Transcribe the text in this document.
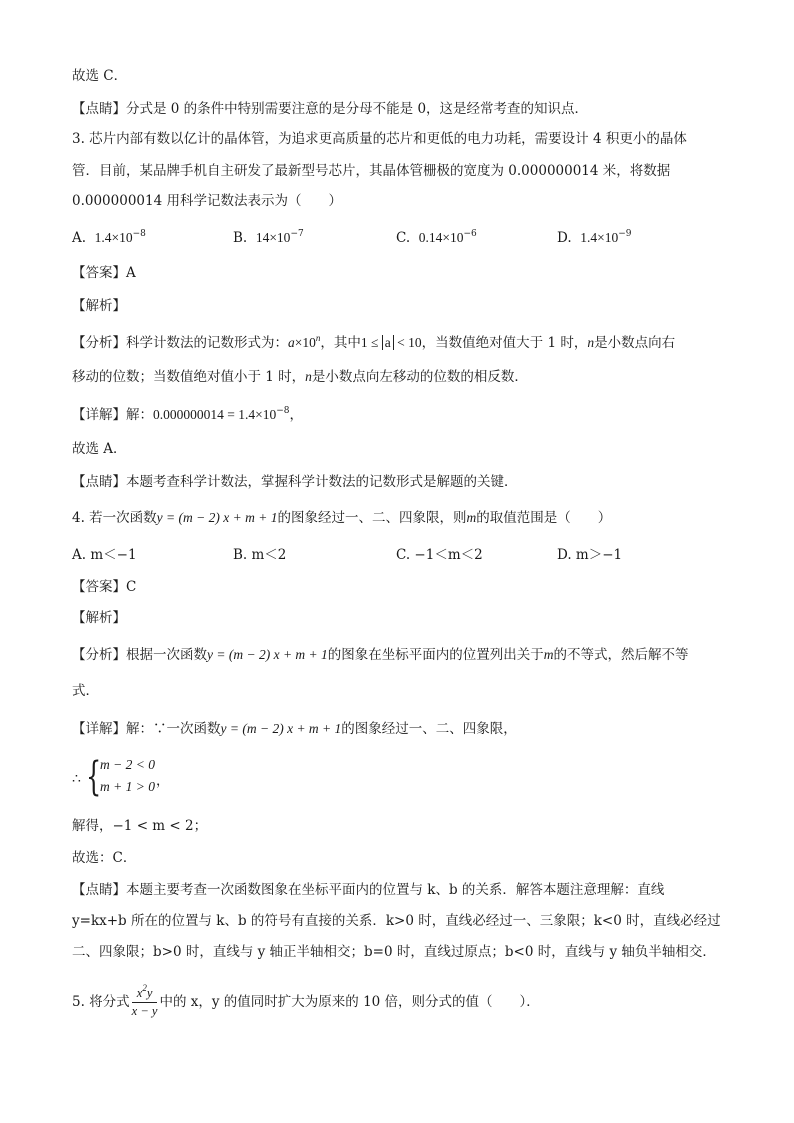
故选 C．
【点睛】分式是 0 的条件中特别需要注意的是分母不能是 0，这是经常考查的知识点．
3. 芯片内部有数以亿计的晶体管，为追求更高质量的芯片和更低的电力功耗，需要设计 4 积更小的晶体
管．目前，某品牌手机自主研发了最新型号芯片，其晶体管栅极的宽度为 0.000000014 米，将数据
0.000000014 用科学记数法表示为（　　）
A. $1.4\times 10^{-8}$	B. $14\times 10^{-7}$	C. $0.14\times 10^{-6}$	D. $1.4\times 10^{-9}$
【答案】A
【解析】
【分析】科学计数法的记数形式为：$a\times 10^n$，其中1 ≤ a < 10，当数值绝对值大于 1 时，n是小数点向右
移动的位数；当数值绝对值小于 1 时，n是小数点向左移动的位数的相反数．
【详解】解：$0.000000014 = 1.4\times 10^{-8}$，
故选 A．
【点睛】本题考查科学计数法，掌握科学计数法的记数形式是解题的关键．
4. 若一次函数y = (m − 2) x + m + 1的图象经过一、二、四象限，则m的取值范围是（　　）
A. m＜−1	B. m＜2	C. −1＜m＜2	D. m＞−1
【答案】C
【解析】
【分析】根据一次函数y = (m − 2) x + m + 1的图象在坐标平面内的位置列出关于m的不等式，然后解不等
式．
【详解】解：∵一次函数y = (m − 2) x + m + 1的图象经过一、二、四象限，
∴ {
m − 2 < 0
m + 1 > 0 ，
解得，−1 < m < 2；
故选：C．
【点睛】本题主要考查一次函数图象在坐标平面内的位置与 k、b 的关系．解答本题注意理解：直线
y=kx+b 所在的位置与 k、b 的符号有直接的关系．k>0 时，直线必经过一、三象限；k<0 时，直线必经过
二、四象限；b>0 时，直线与 y 轴正半轴相交；b=0 时，直线过原点；b<0 时，直线与 y 轴负半轴相交．
5. 将分式 $\frac{x^2y}{x - y}$ 中的 x，y 的值同时扩大为原来的 10 倍，则分式的值（　　）．
